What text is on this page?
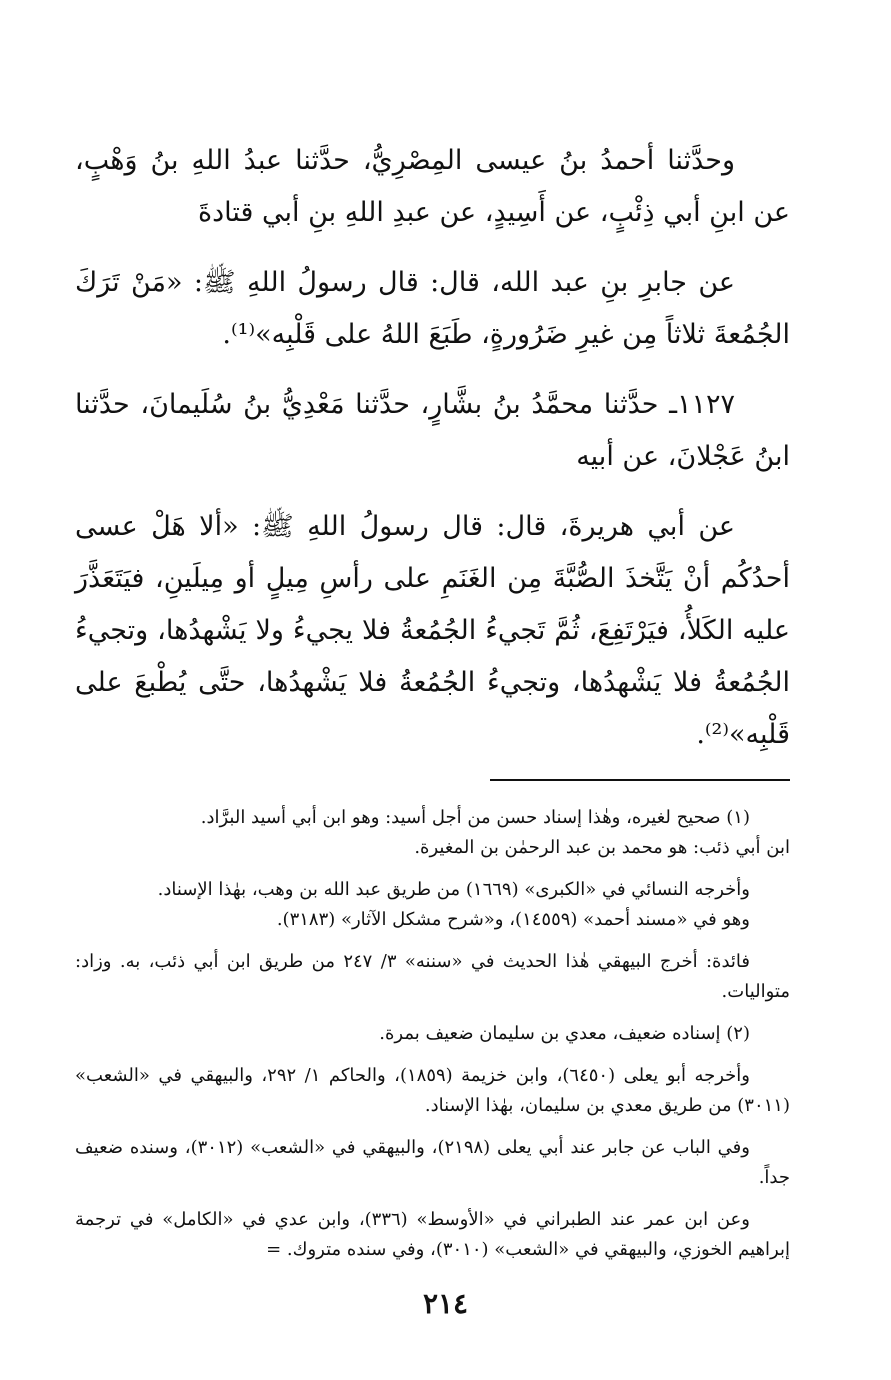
وحدَّثنا أحمدُ بنُ عيسى المِصْرِيُّ، حدَّثنا عبدُ اللهِ بنُ وَهْبٍ، عن ابنِ أبي ذِئْبٍ، عن أَسِيدٍ، عن عبدِ اللهِ بنِ أبي قتادةَ

عن جابرِ بنِ عبد الله، قال: قال رسولُ اللهِ ﷺ: «مَنْ تَرَكَ الجُمُعةَ ثلاثاً مِن غيرِ ضَرُورةٍ، طَبَعَ اللهُ على قَلْبِه»⁽¹⁾.

١١٢٧ـ حدَّثنا محمَّدُ بنُ بشَّارٍ، حدَّثنا مَعْدِيُّ بنُ سُلَيمانَ، حدَّثنا ابنُ عَجْلانَ، عن أبيه

عن أبي هريرةَ، قال: قال رسولُ اللهِ ﷺ: «ألا هَلْ عسى أحدُكُم أنْ يَتَّخذَ الصُّبَّةَ مِن الغَنَمِ على رأسِ مِيلٍ أو مِيلَينِ، فيَتَعَذَّرَ عليه الكَلأُ، فيَرْتَفِعَ، ثُمَّ تَجيءُ الجُمُعةُ فلا يجيءُ ولا يَشْهدُها، وتجيءُ الجُمُعةُ فلا يَشْهدُها، وتجيءُ الجُمُعةُ فلا يَشْهدُها، حتَّى يُطْبعَ على قَلْبِه»⁽²⁾.

(١) صحيح لغيره، وهٰذا إسناد حسن من أجل أسيد: وهو ابن أبي أسيد البرَّاد.

ابن أبي ذئب: هو محمد بن عبد الرحمٰن بن المغيرة.

وأخرجه النسائي في «الكبرى» (١٦٦٩) من طريق عبد الله بن وهب، بهٰذا الإسناد.

وهو في «مسند أحمد» (١٤٥٥٩)، و«شرح مشكل الآثار» (٣١٨٣).

فائدة: أخرج البيهقي هٰذا الحديث في «سننه» ٣/ ٢٤٧ من طريق ابن أبي ذئب، به. وزاد: متواليات.

(٢) إسناده ضعيف، معدي بن سليمان ضعيف بمرة.

وأخرجه أبو يعلى (٦٤٥٠)، وابن خزيمة (١٨٥٩)، والحاكم ١/ ٢٩٢، والبيهقي في «الشعب» (٣٠١١) من طريق معدي بن سليمان، بهٰذا الإسناد.

وفي الباب عن جابر عند أبي يعلى (٢١٩٨)، والبيهقي في «الشعب» (٣٠١٢)، وسنده ضعيف جداً.

وعن ابن عمر عند الطبراني في «الأوسط» (٣٣٦)، وابن عدي في «الكامل» في ترجمة إبراهيم الخوزي، والبيهقي في «الشعب» (٣٠١٠)، وفي سنده متروك. =

٢١٤
